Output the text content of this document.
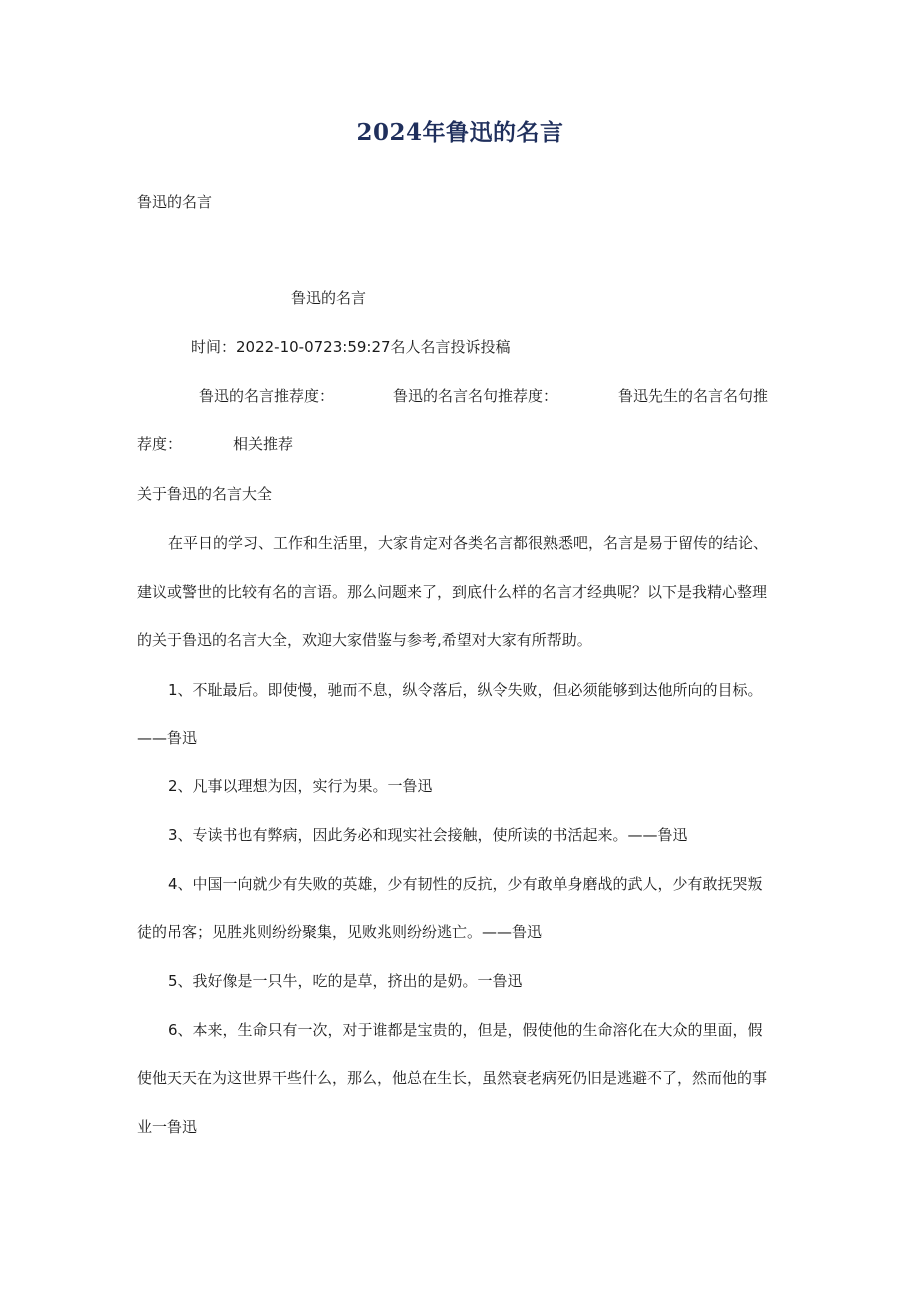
2024年鲁迅的名言
鲁迅的名言
鲁迅的名言
时间：2022-10-0723:59:27名人名言投诉投稿
鲁迅的名言推荐度：	鲁迅的名言名句推荐度：	鲁迅先生的名言名句推
荐度：	相关推荐
关于鲁迅的名言大全
在平日的学习、工作和生活里，大家肯定对各类名言都很熟悉吧，名言是易于留传的结论、
建议或警世的比较有名的言语。那么问题来了，到底什么样的名言才经典呢？以下是我精心整理
的关于鲁迅的名言大全，欢迎大家借鉴与参考,希望对大家有所帮助。
1、不耻最后。即使慢，驰而不息，纵令落后，纵令失败，但必须能够到达他所向的目标。
——鲁迅
2、凡事以理想为因，实行为果。一鲁迅
3、专读书也有弊病，因此务必和现实社会接触，使所读的书活起来。——鲁迅
4、中国一向就少有失败的英雄，少有韧性的反抗，少有敢单身磨战的武人，少有敢抚哭叛
徒的吊客；见胜兆则纷纷聚集，见败兆则纷纷逃亡。——鲁迅
5、我好像是一只牛，吃的是草，挤出的是奶。一鲁迅
6、本来，生命只有一次，对于谁都是宝贵的，但是，假使他的生命溶化在大众的里面，假
使他天天在为这世界干些什么，那么，他总在生长，虽然衰老病死仍旧是逃避不了，然而他的事
业一鲁迅
